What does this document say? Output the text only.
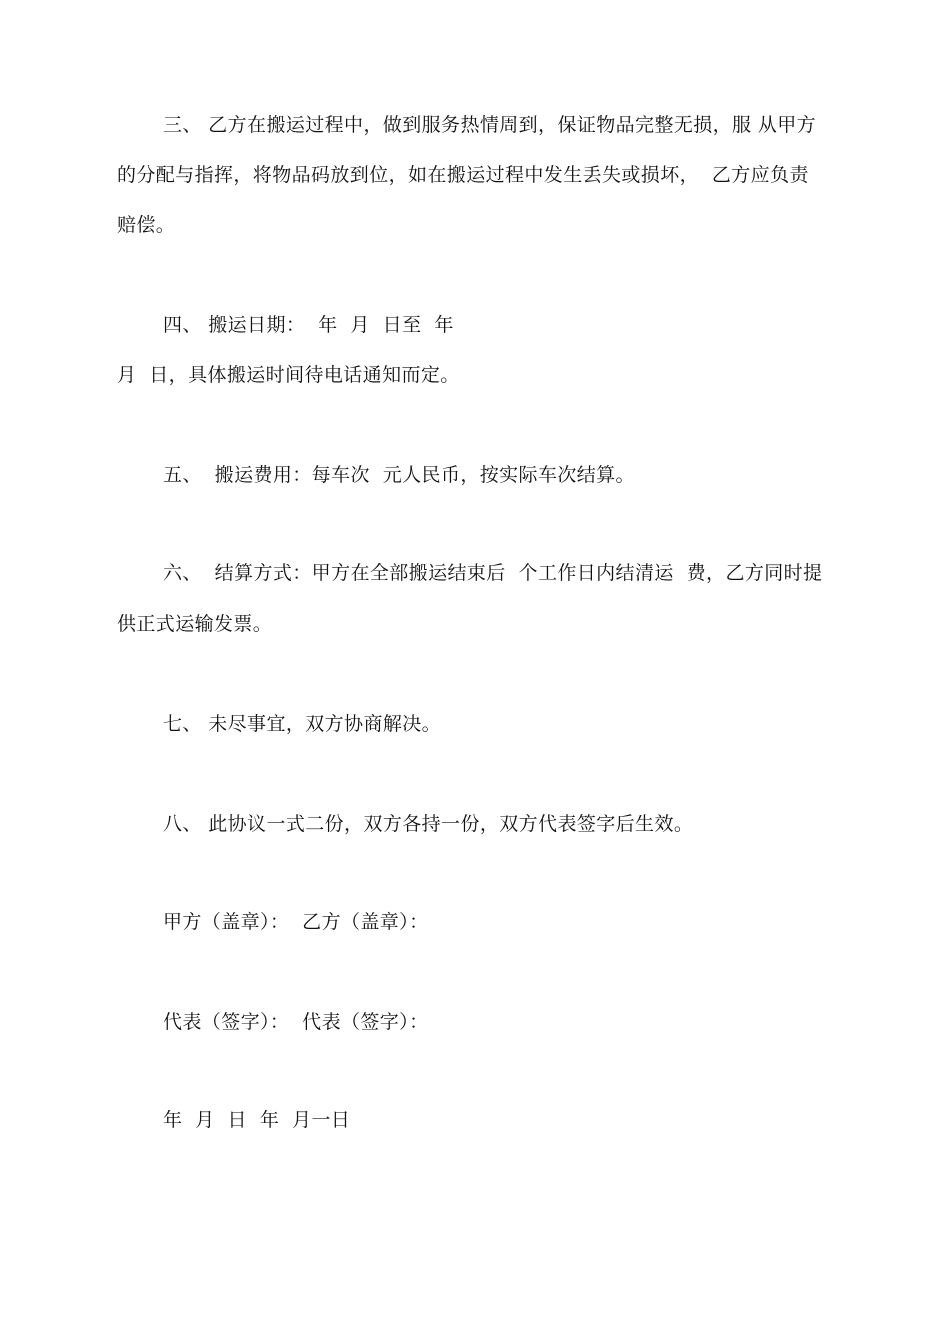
三、 乙方在搬运过程中，做到服务热情周到，保证物品完整无损，服 从甲方
的分配与指挥，将物品码放到位，如在搬运过程中发生丢失或损坏，  乙方应负责
赔偿。
四、 搬运日期：  年  月  日至  年
月  日，具体搬运时间待电话通知而定。
五、  搬运费用：每车次  元人民币，按实际车次结算。
六、  结算方式：甲方在全部搬运结束后  个工作日内结清运  费，乙方同时提
供正式运输发票。
七、 未尽事宜，双方协商解决。
八、 此协议一式二份，双方各持一份，双方代表签字后生效。
甲方（盖章）：  乙方（盖章）：
代表（签字）：  代表（签字）：
年  月  日  年  月一日
